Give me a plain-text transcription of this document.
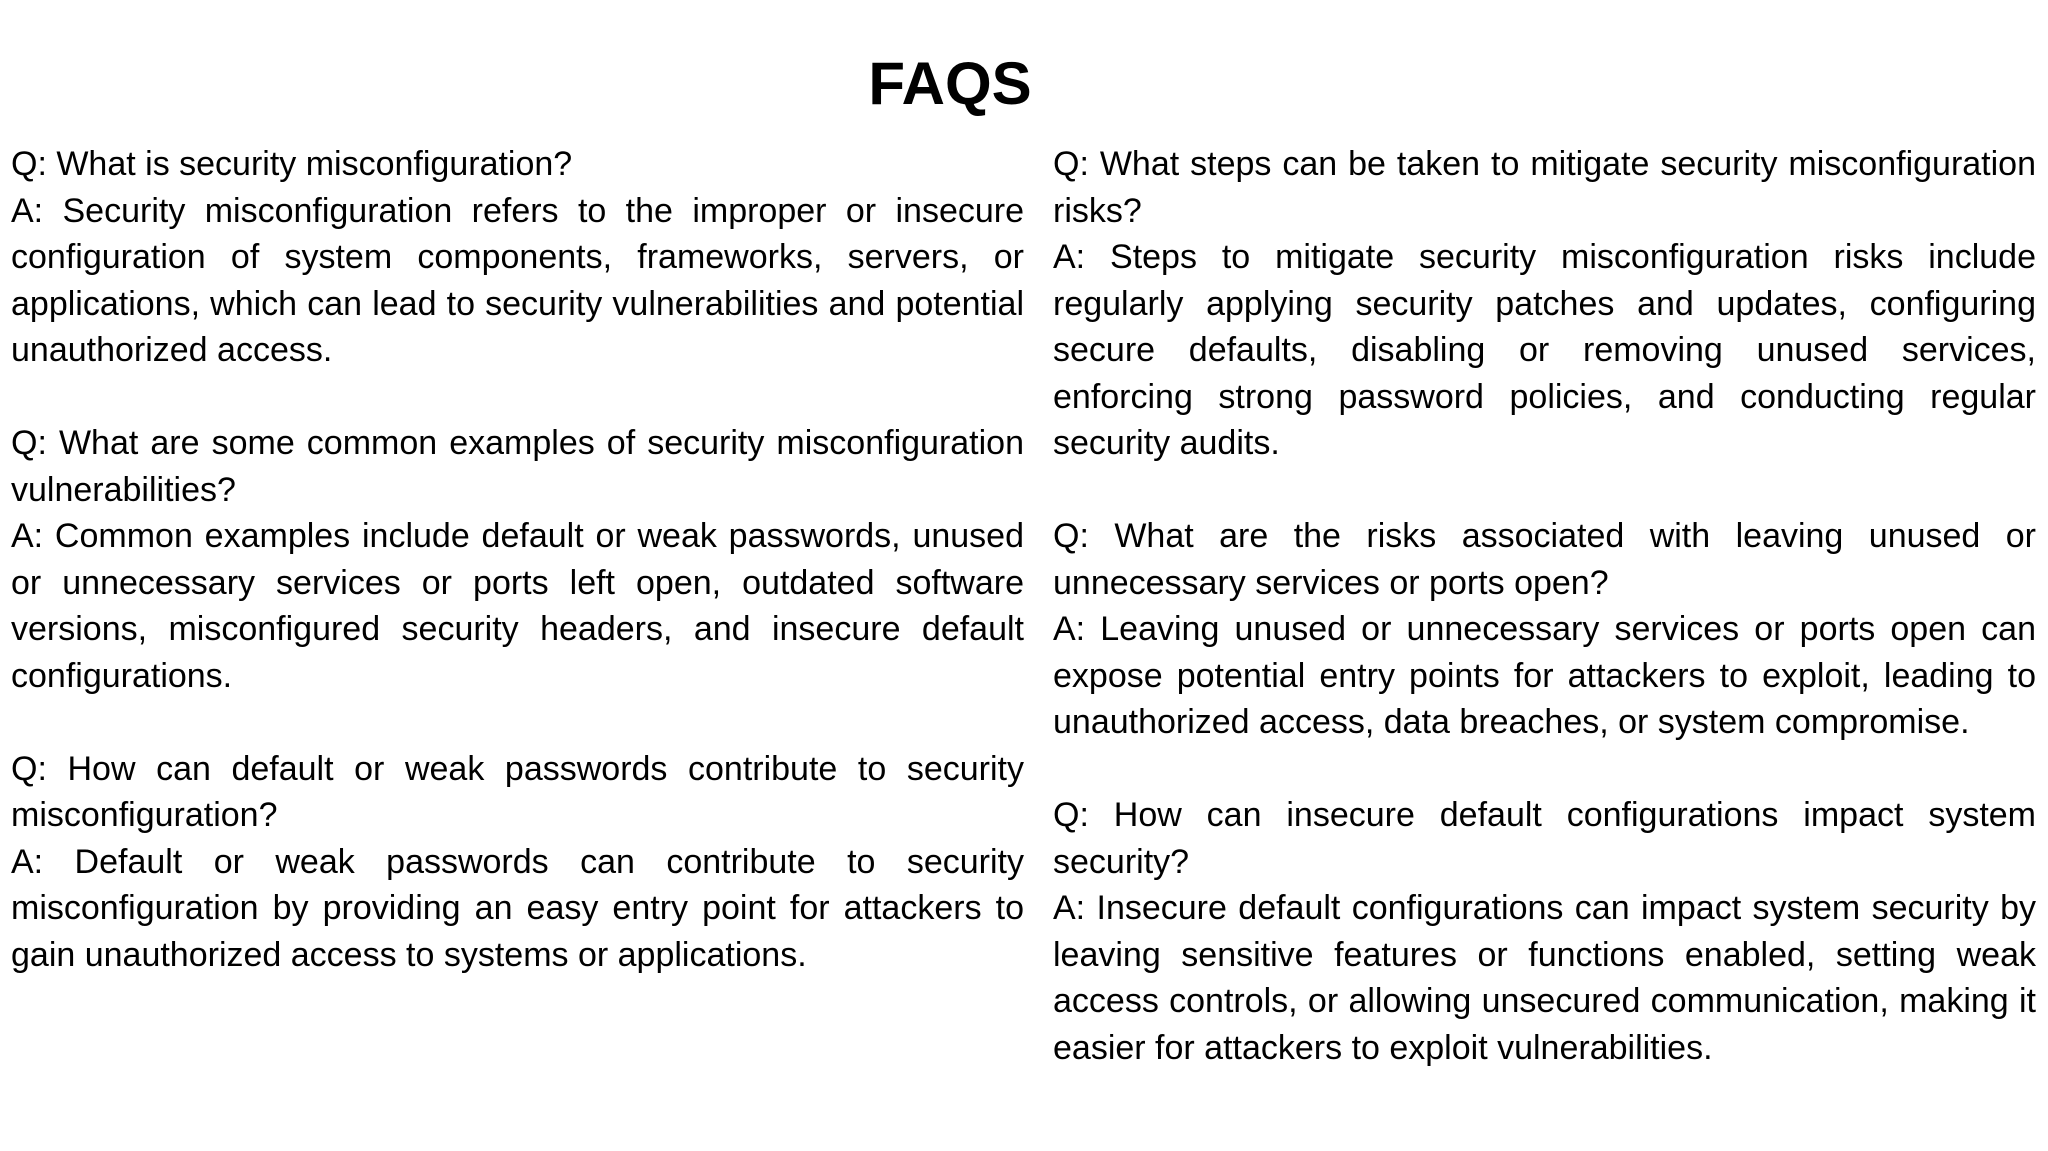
FAQS

Q: What is security misconfiguration?

A: Security misconfiguration refers to the improper or insecure configuration of system components, frameworks, servers, or applications, which can lead to security vulnerabilities and potential unauthorized access.

Q: What are some common examples of security misconfiguration vulnerabilities?

A: Common examples include default or weak passwords, unused or unnecessary services or ports left open, outdated software versions, misconfigured security headers, and insecure default configurations.

Q: How can default or weak passwords contribute to security misconfiguration?

A: Default or weak passwords can contribute to security misconfiguration by providing an easy entry point for attackers to gain unauthorized access to systems or applications.

Q: What steps can be taken to mitigate security misconfiguration risks?

A: Steps to mitigate security misconfiguration risks include regularly applying security patches and updates, configuring secure defaults, disabling or removing unused services, enforcing strong password policies, and conducting regular security audits.

Q: What are the risks associated with leaving unused or unnecessary services or ports open?

A: Leaving unused or unnecessary services or ports open can expose potential entry points for attackers to exploit, leading to unauthorized access, data breaches, or system compromise.

Q: How can insecure default configurations impact system security?

A: Insecure default configurations can impact system security by leaving sensitive features or functions enabled, setting weak access controls, or allowing unsecured communication, making it easier for attackers to exploit vulnerabilities.
